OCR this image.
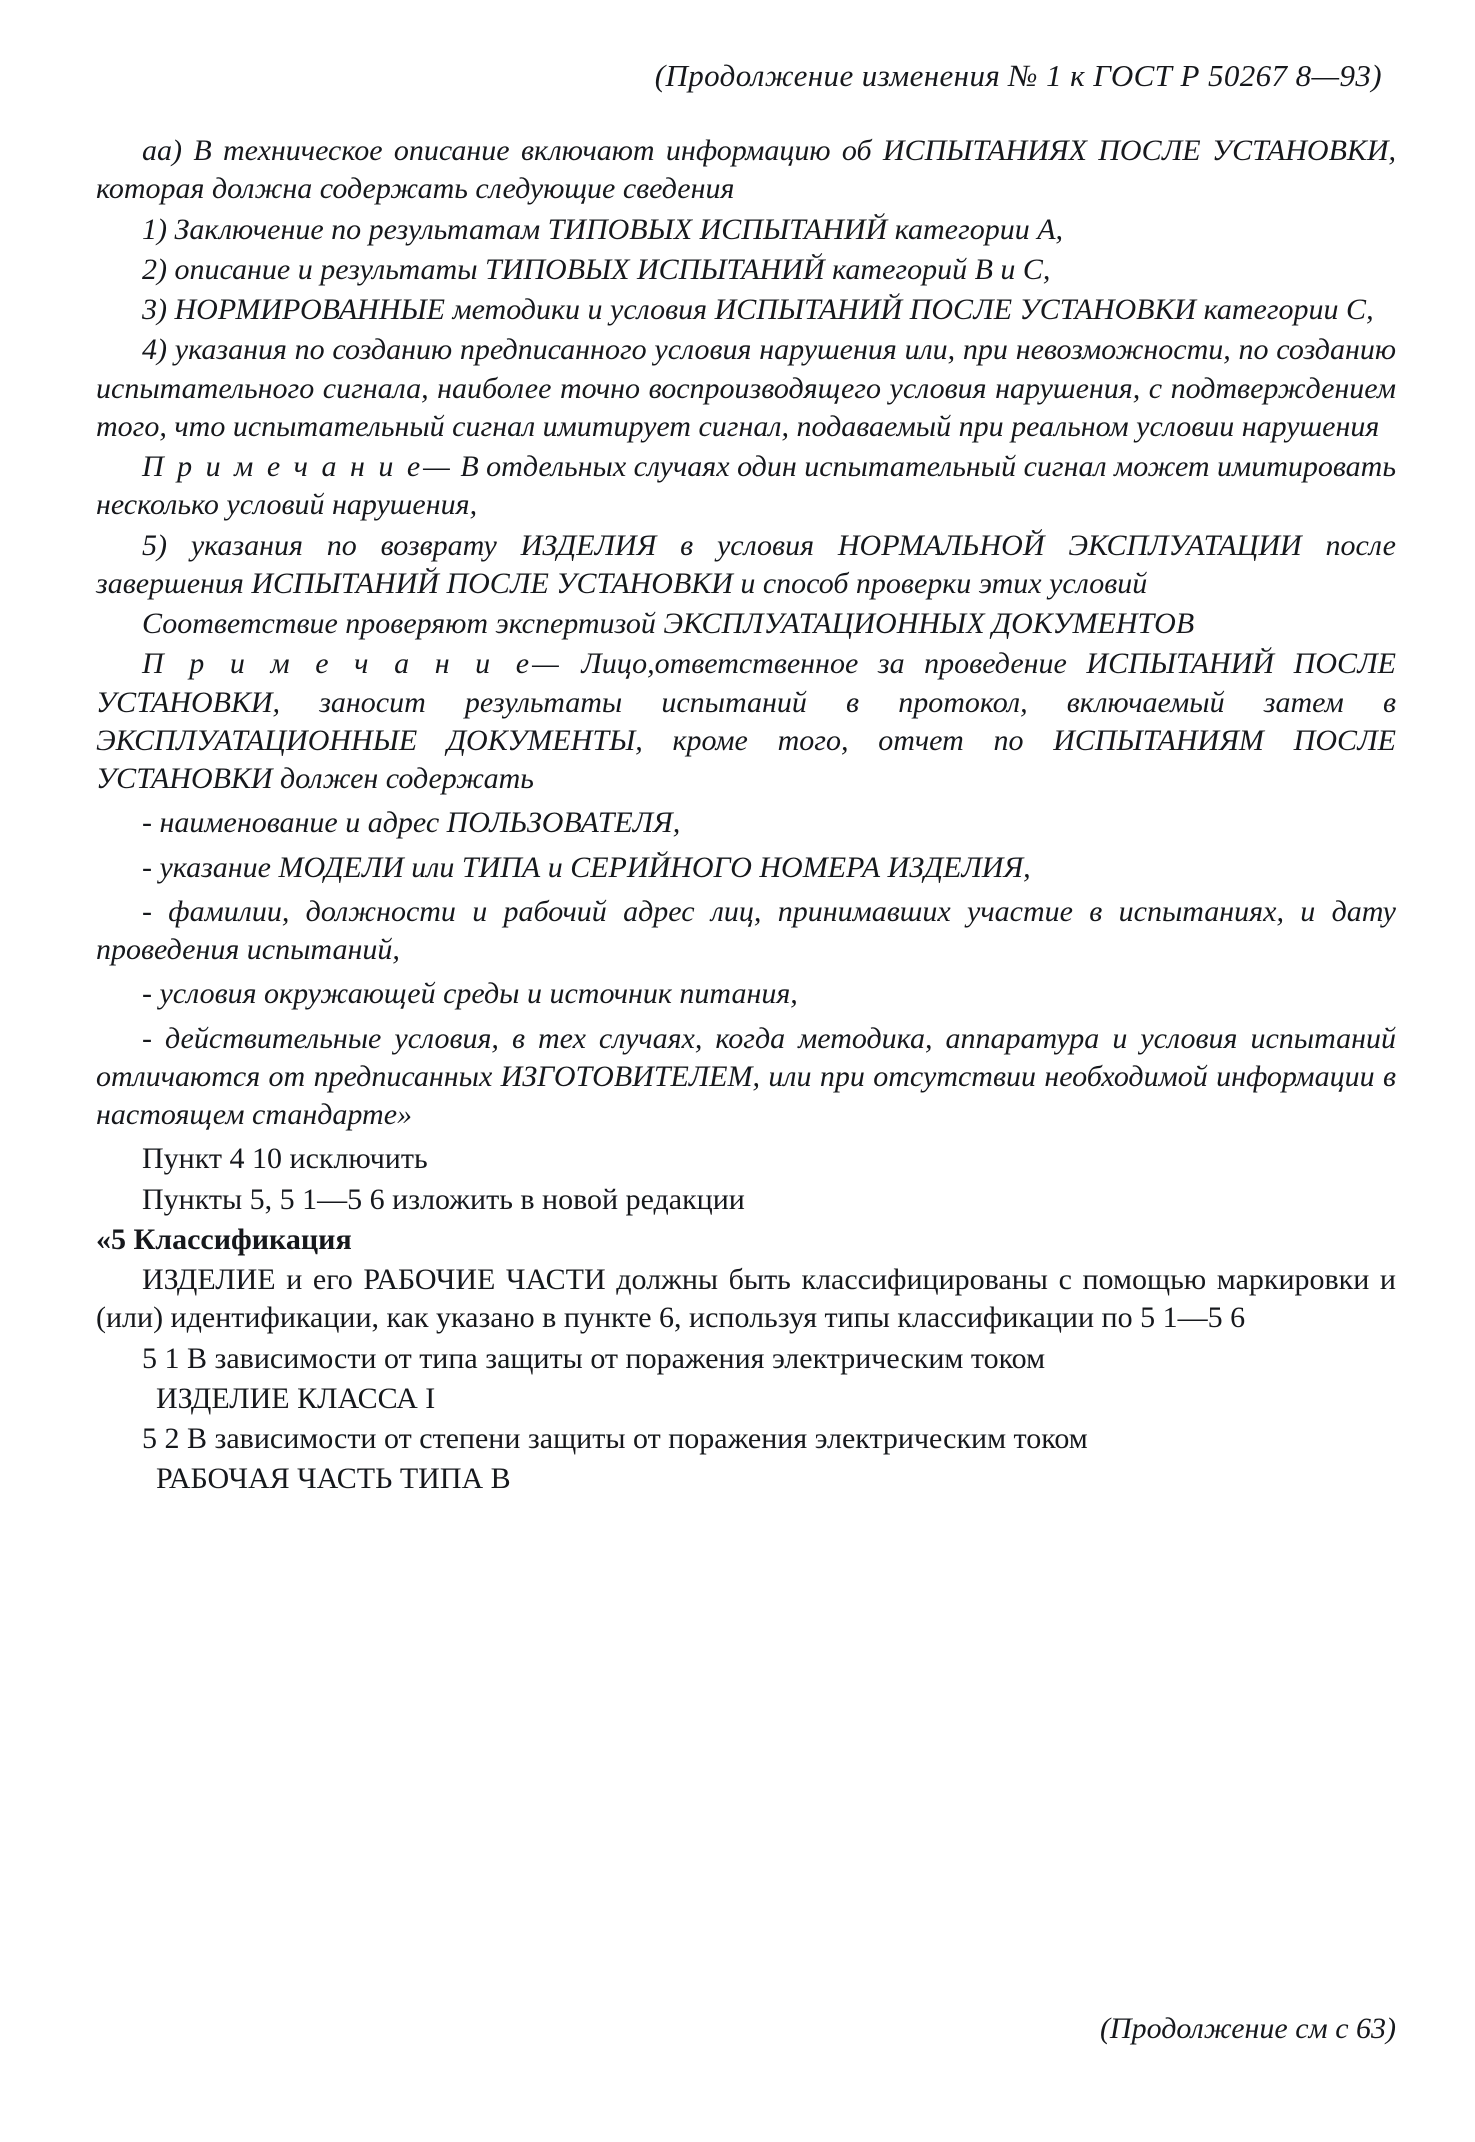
(Продолжение изменения № 1 к ГОСТ Р 50267 8—93)

аа) В техническое описание включают информацию об ИСПЫТАНИЯХ ПОСЛЕ УСТАНОВКИ, которая должна содержать следующие сведения

1) Заключение по результатам ТИПОВЫХ ИСПЫТАНИЙ категории А,

2) описание и результаты ТИПОВЫХ ИСПЫТАНИЙ категорий В и С,

3) НОРМИРОВАННЫЕ методики и условия ИСПЫТАНИЙ ПОСЛЕ УСТАНОВКИ категории С,

4) указания по созданию предписанного условия нарушения или, при невозможности, по созданию испытательного сигнала, наиболее точно воспроизводящего условия нарушения, с подтверждением того, что испытательный сигнал имитирует сигнал, подаваемый при реальном условии нарушения

П р и м е ч а н и е— В отдельных случаях один испытательный сигнал может имитировать несколько условий нарушения,

5) указания по возврату ИЗДЕЛИЯ в условия НОРМАЛЬНОЙ ЭКСПЛУАТАЦИИ после завершения ИСПЫТАНИЙ ПОСЛЕ УСТАНОВКИ и способ проверки этих условий

Соответствие проверяют экспертизой ЭКСПЛУАТАЦИОННЫХ ДОКУМЕНТОВ

П р и м е ч а н и е— Лицо,ответственное за проведение ИСПЫТАНИЙ ПОСЛЕ УСТАНОВКИ, заносит результаты испытаний в протокол, включаемый затем в ЭКСПЛУАТАЦИОННЫЕ ДОКУМЕНТЫ, кроме того, отчет по ИСПЫТАНИЯМ ПОСЛЕ УСТАНОВКИ должен содержать

- наименование и адрес ПОЛЬЗОВАТЕЛЯ,

- указание МОДЕЛИ или ТИПА и СЕРИЙНОГО НОМЕРА ИЗДЕЛИЯ,

- фамилии, должности и рабочий адрес лиц, принимавших участие в испытаниях, и дату проведения испытаний,

- условия окружающей среды и источник питания,

- действительные условия, в тех случаях, когда методика, аппаратура и условия испытаний отличаются от предписанных ИЗГОТОВИТЕЛЕМ, или при отсутствии необходимой информации в настоящем стандарте»

Пункт 4 10 исключить

Пункты 5, 5 1—5 6 изложить в новой редакции

«5 Классификация

ИЗДЕЛИЕ и его РАБОЧИЕ ЧАСТИ должны быть классифицированы с помощью маркировки и (или) идентификации, как указано в пункте 6, используя типы классификации по 5 1—5 6

5 1 В зависимости от типа защиты от поражения электрическим током

ИЗДЕЛИЕ КЛАССА I

5 2 В зависимости от степени защиты от поражения электрическим током

РАБОЧАЯ ЧАСТЬ ТИПА В

(Продолжение см с 63)
